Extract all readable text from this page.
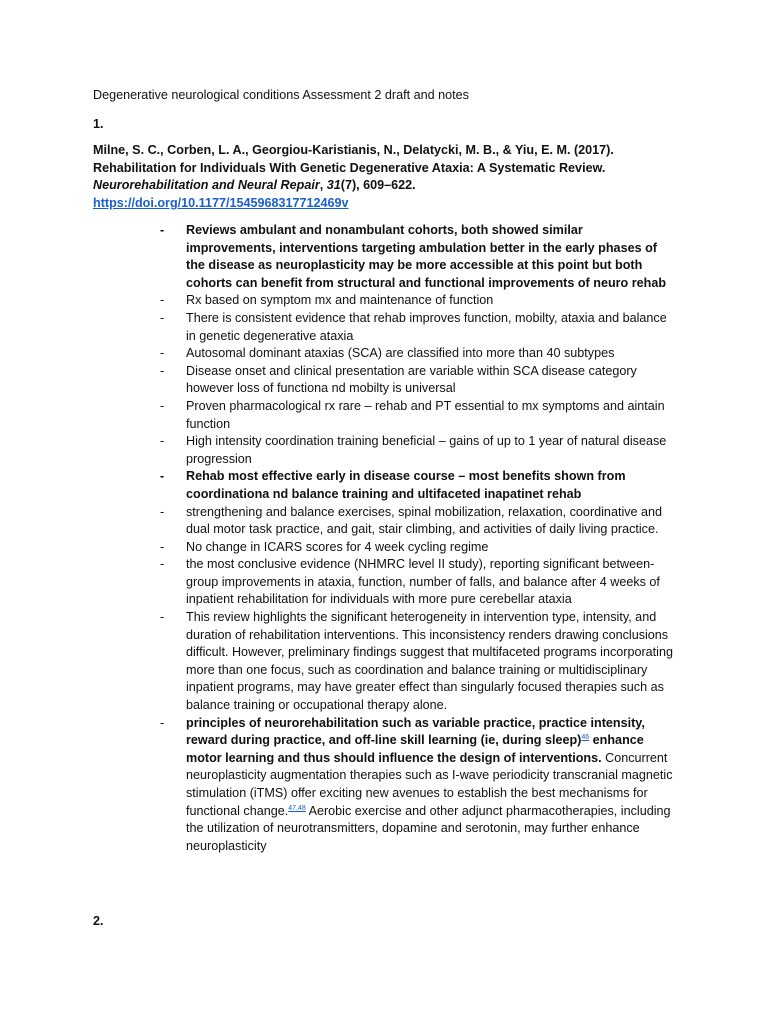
Degenerative neurological conditions Assessment 2 draft and notes
1.
Milne, S. C., Corben, L. A., Georgiou-Karistianis, N., Delatycki, M. B., & Yiu, E. M. (2017). Rehabilitation for Individuals With Genetic Degenerative Ataxia: A Systematic Review. Neurorehabilitation and Neural Repair, 31(7), 609–622.
https://doi.org/10.1177/1545968317712469v
- Reviews ambulant and nonambulant cohorts, both showed similar improvements, interventions targeting ambulation better in the early phases of the disease as neuroplasticity may be more accessible at this point but both cohorts can benefit from structural and functional improvements of neuro rehab
- Rx based on symptom mx and maintenance of function
- There is consistent evidence that rehab improves function, mobilty, ataxia and balance in genetic degenerative ataxia
- Autosomal dominant ataxias (SCA) are classified into more than 40 subtypes
- Disease onset and clinical presentation are variable within SCA disease category however loss of functiona nd mobilty is universal
- Proven pharmacological rx rare – rehab and PT essential to mx symptoms and aintain function
- High intensity coordination training beneficial – gains of up to 1 year of natural disease progression
- Rehab most effective early in disease course – most benefits shown from coordinationa nd balance training and ultifaceted inapatinet rehab
- strengthening and balance exercises, spinal mobilization, relaxation, coordinative and dual motor task practice, and gait, stair climbing, and activities of daily living practice.
- No change in ICARS scores for 4 week cycling regime
- the most conclusive evidence (NHMRC level II study), reporting significant between-group improvements in ataxia, function, number of falls, and balance after 4 weeks of inpatient rehabilitation for individuals with more pure cerebellar ataxia
- This review highlights the significant heterogeneity in intervention type, intensity, and duration of rehabilitation interventions. This inconsistency renders drawing conclusions difficult. However, preliminary findings suggest that multifaceted programs incorporating more than one focus, such as coordination and balance training or multidisciplinary inpatient programs, may have greater effect than singularly focused therapies such as balance training or occupational therapy alone.
- principles of neurorehabilitation such as variable practice, practice intensity, reward during practice, and off-line skill learning (ie, during sleep)$^{46}$ enhance motor learning and thus should influence the design of interventions. Concurrent neuroplasticity augmentation therapies such as I-wave periodicity transcranial magnetic stimulation (iTMS) offer exciting new avenues to establish the best mechanisms for functional change.$^{47,48}$ Aerobic exercise and other adjunct pharmacotherapies, including the utilization of neurotransmitters, dopamine and serotonin, may further enhance neuroplasticity
2.
